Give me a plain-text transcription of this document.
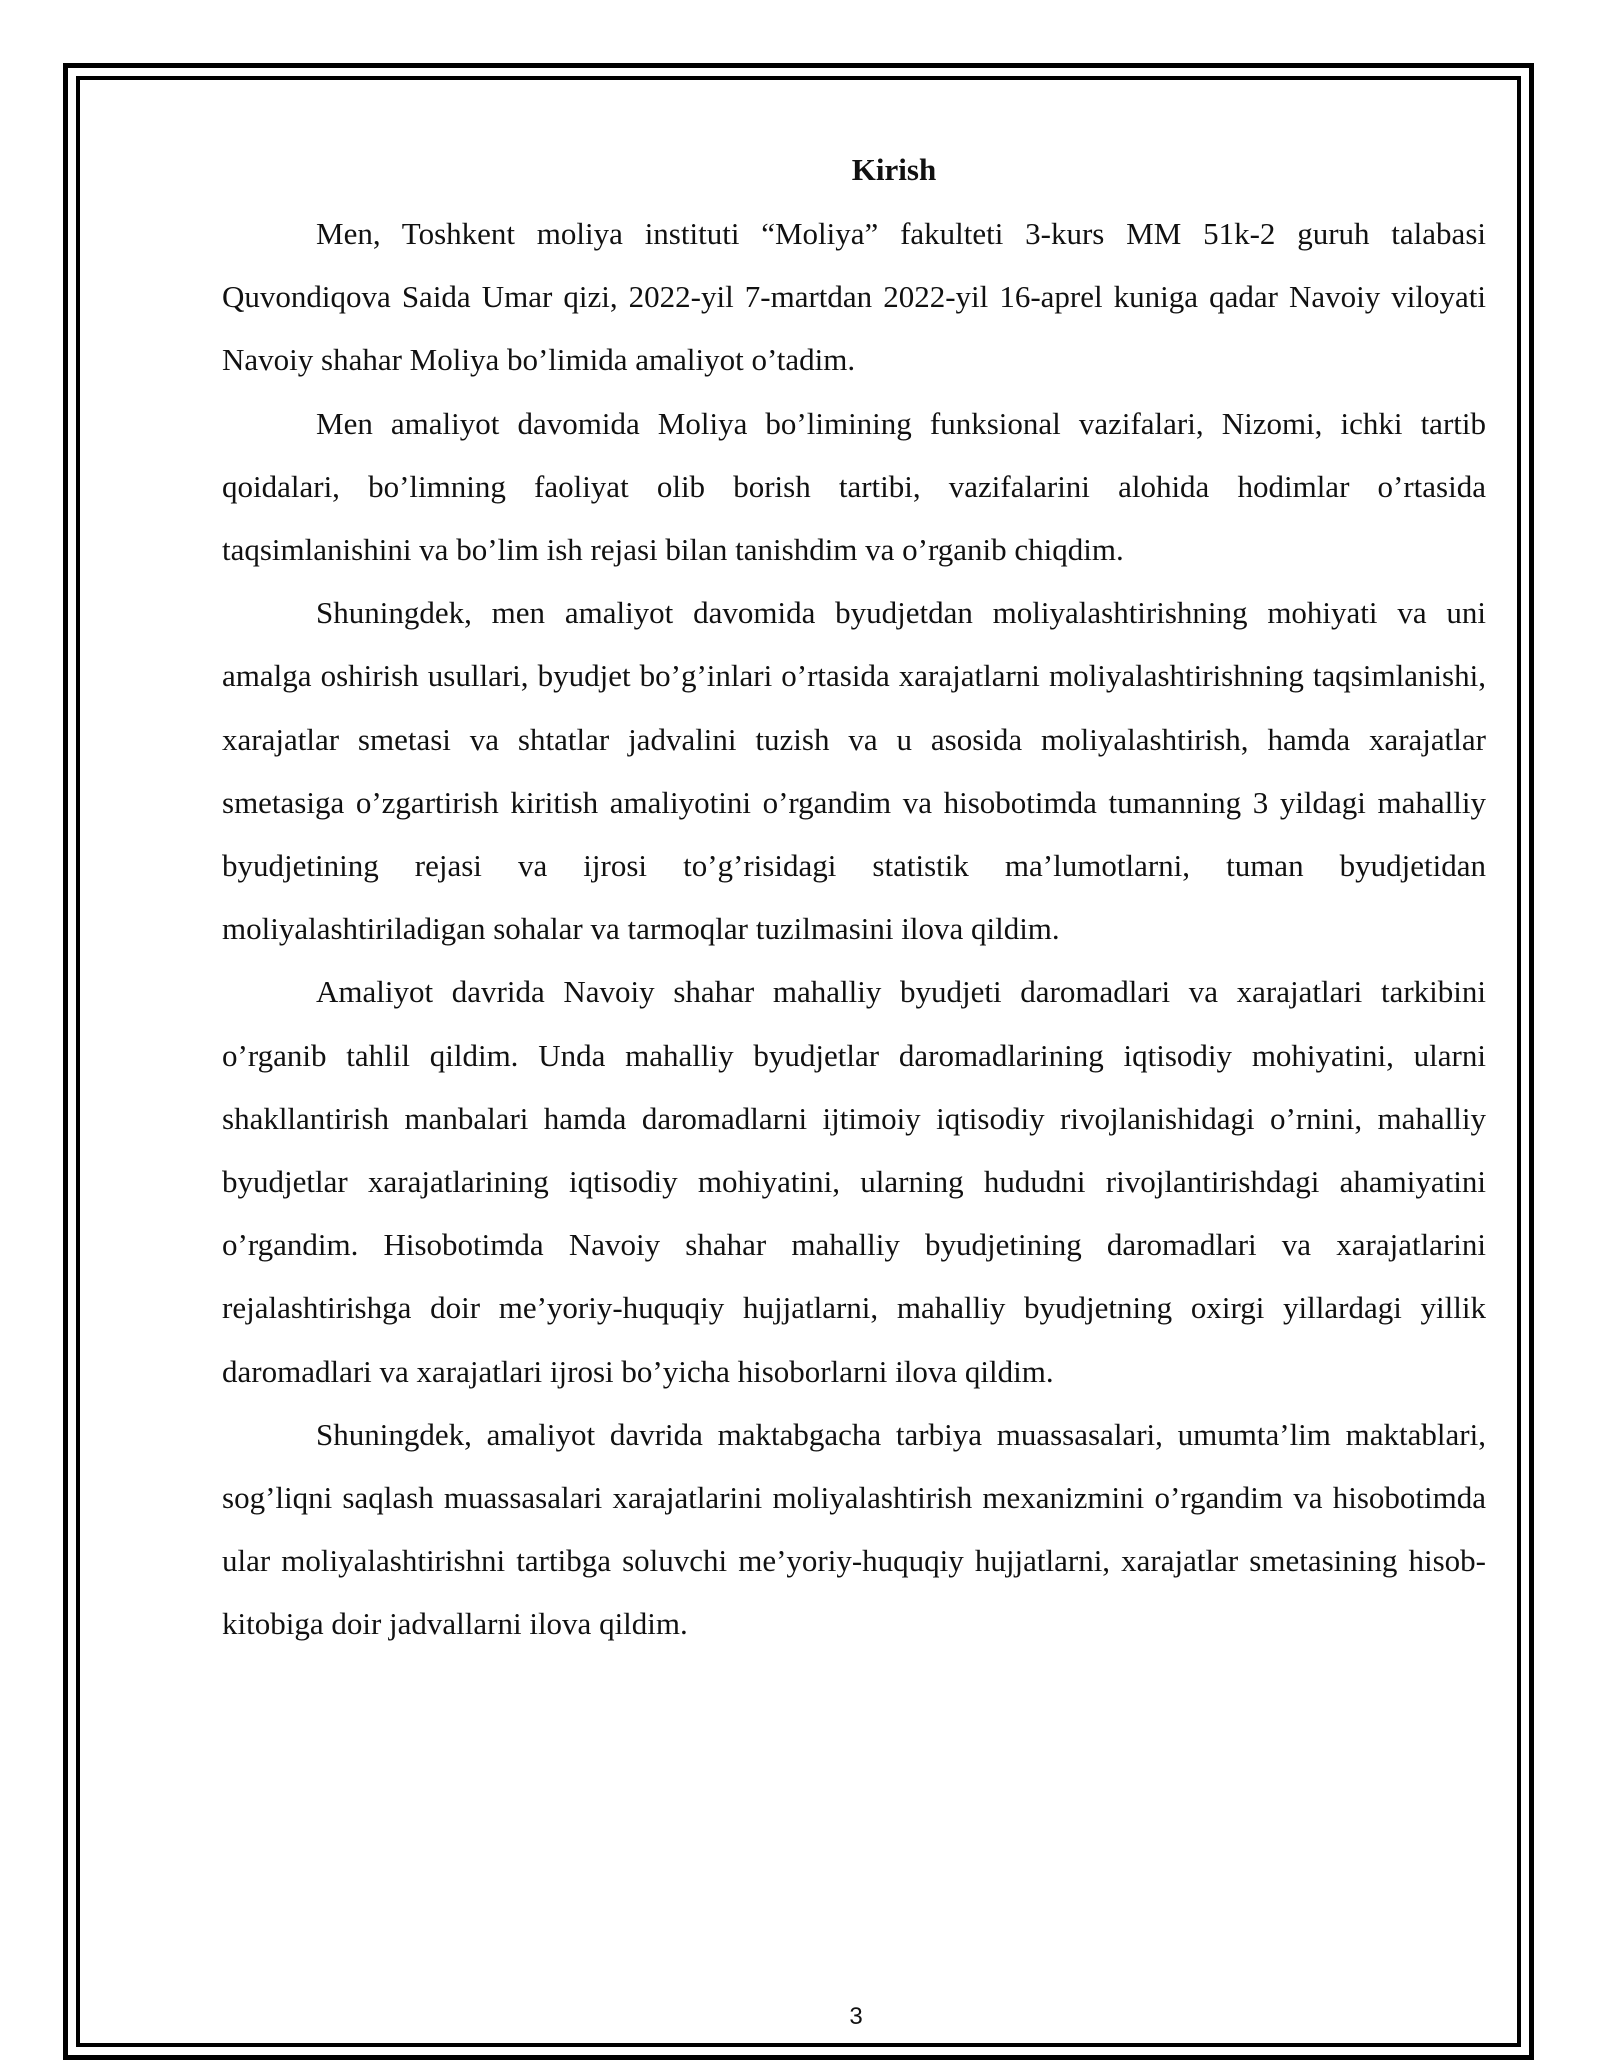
Kirish

Men, Toshkent moliya instituti “Moliya” fakulteti 3-kurs MM 51k-2 guruh talabasi Quvondiqova Saida Umar qizi, 2022-yil 7-martdan 2022-yil 16-aprel kuniga qadar Navoiy viloyati Navoiy shahar Moliya bo’limida amaliyot o’tadim.

Men amaliyot davomida Moliya bo’limining funksional vazifalari, Nizomi, ichki tartib qoidalari, bo’limning faoliyat olib borish tartibi, vazifalarini alohida hodimlar o’rtasida taqsimlanishini va bo’lim ish rejasi bilan tanishdim va o’rganib chiqdim.

Shuningdek, men amaliyot davomida byudjetdan moliyalashtirishning mohiyati va uni amalga oshirish usullari, byudjet bo’g’inlari o’rtasida xarajatlarni moliyalashtirishning taqsimlanishi, xarajatlar smetasi va shtatlar jadvalini tuzish va u asosida moliyalashtirish, hamda xarajatlar smetasiga o’zgartirish kiritish amaliyotini o’rgandim va hisobotimda tumanning 3 yildagi mahalliy byudjetining rejasi va ijrosi to’g’risidagi statistik ma’lumotlarni, tuman byudjetidan moliyalashtiriladigan sohalar va tarmoqlar tuzilmasini ilova qildim.

Amaliyot davrida Navoiy shahar mahalliy byudjeti daromadlari va xarajatlari tarkibini o’rganib tahlil qildim. Unda mahalliy byudjetlar daromadlarining iqtisodiy mohiyatini, ularni shakllantirish manbalari hamda daromadlarni ijtimoiy iqtisodiy rivojlanishidagi o’rnini, mahalliy byudjetlar xarajatlarining iqtisodiy mohiyatini, ularning hududni rivojlantirishdagi ahamiyatini o’rgandim. Hisobotimda Navoiy shahar mahalliy byudjetining daromadlari va xarajatlarini rejalashtirishga doir me’yoriy-huquqiy hujjatlarni, mahalliy byudjetning oxirgi yillardagi yillik daromadlari va xarajatlari ijrosi bo’yicha hisoborlarni ilova qildim.

Shuningdek, amaliyot davrida maktabgacha tarbiya muassasalari, umumta’lim maktablari, sog’liqni saqlash muassasalari xarajatlarini moliyalashtirish mexanizmini o’rgandim va hisobotimda ular moliyalashtirishni tartibga soluvchi me’yoriy-huquqiy hujjatlarni, xarajatlar smetasining hisob-kitobiga doir jadvallarni ilova qildim.

3
